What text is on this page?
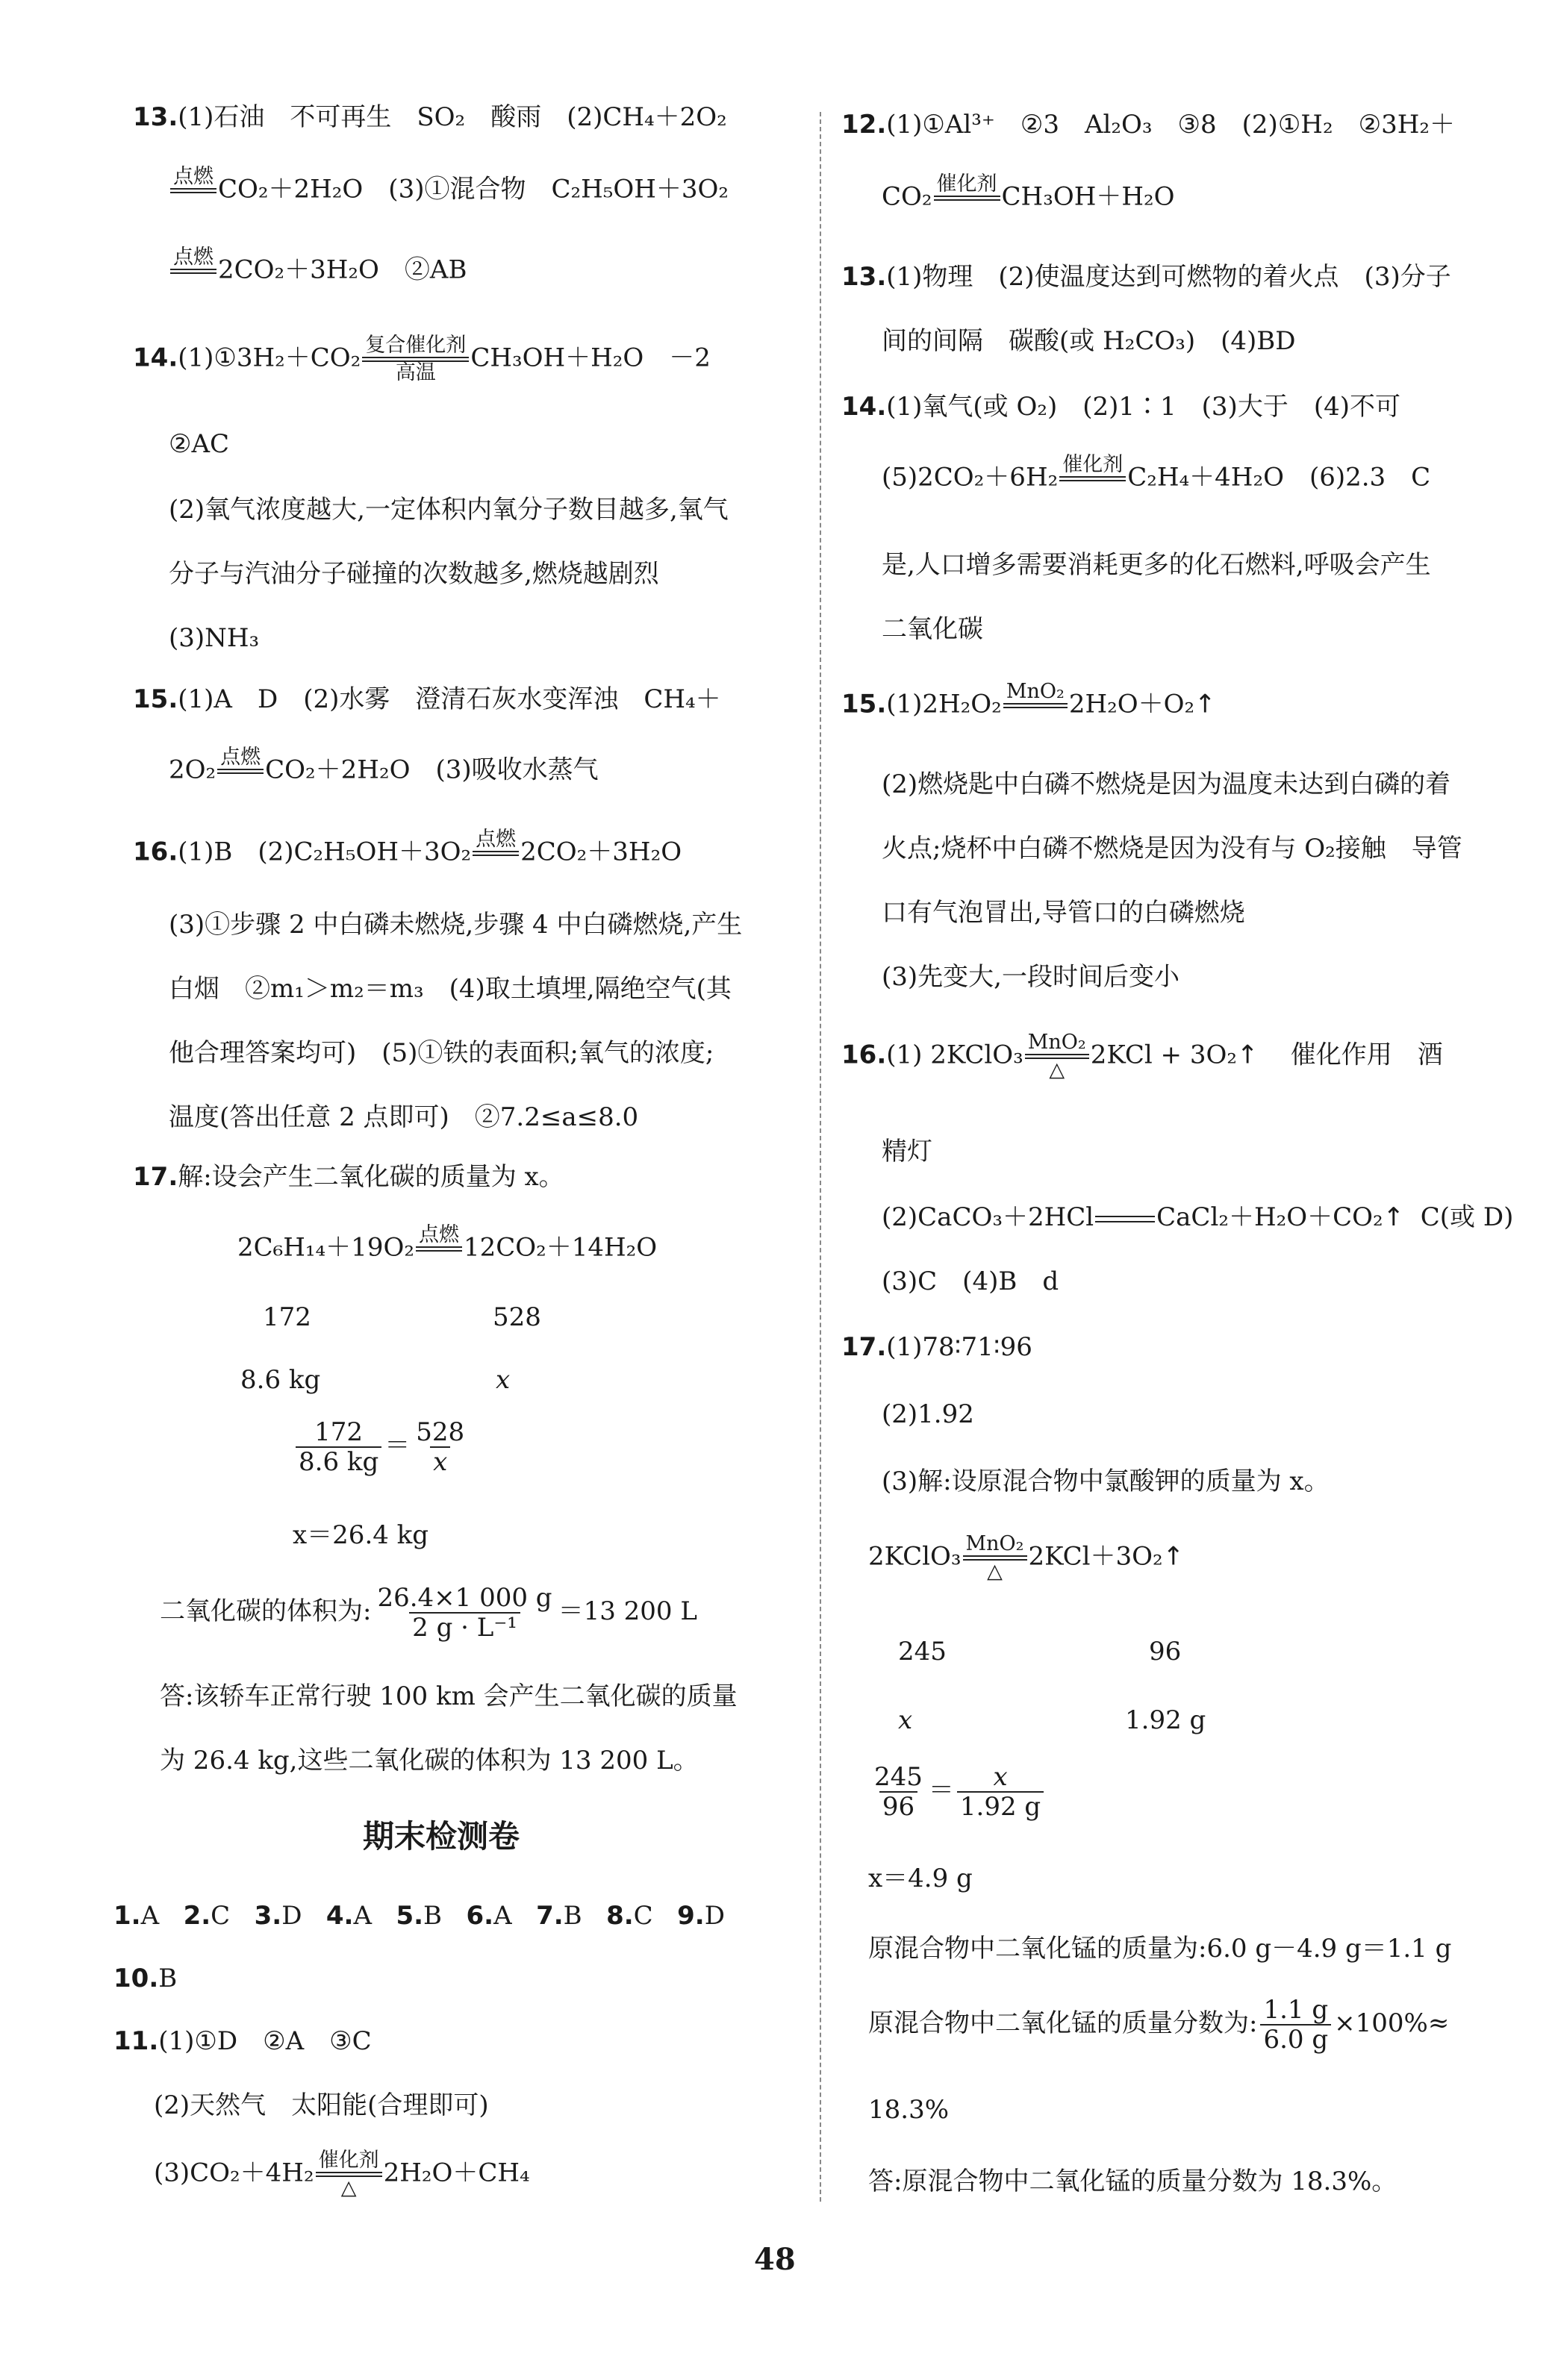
13.(1)石油　不可再生　SO₂　酸雨　(2)CH₄＋2O₂
点燃 CO₂＋2H₂O　(3)①混合物　C₂H₅OH＋3O₂
点燃 2CO₂＋3H₂O　②AB
14.(1)①3H₂＋CO₂ 复合催化剂
高温 CH₃OH＋H₂O　－2
②AC
(2)氧气浓度越大,一定体积内氧分子数目越多,氧气
分子与汽油分子碰撞的次数越多,燃烧越剧烈
(3)NH₃
15.(1)A　D　(2)水雾　澄清石灰水变浑浊　CH₄＋
2O₂ 点燃 CO₂＋2H₂O　(3)吸收水蒸气
16.(1)B　(2)C₂H₅OH＋3O₂ 点燃 2CO₂＋3H₂O
(3)①步骤 2 中白磷未燃烧,步骤 4 中白磷燃烧,产生
白烟　②m₁＞m₂＝m₃　(4)取土填埋,隔绝空气(其
他合理答案均可)　(5)①铁的表面积;氧气的浓度;
温度(答出任意 2 点即可)　②7.2≤a≤8.0
17.解:设会产生二氧化碳的质量为 x。
2C₆H₁₄＋19O₂ 点燃 12CO₂＋14H₂O
172	528
8.6 kg	x
$\frac{172}{8.6 kg} = \frac{528}{x}$
x＝26.4 kg
二氧化碳的体积为: $\frac{26.4\times 1 000 g}{\text{2 g · L⁻¹}} =13$ 200 L
答:该轿车正常行驶 100 km 会产生二氧化碳的质量
为 26.4 kg,这些二氧化碳的体积为 13 200 L。
期末检测卷
1.A 2.C 3.D 4.A 5.B 6.A 7.B 8.C 9.D
10.B
11.(1)①D　②A　③C
(2)天然气　太阳能(合理即可)
(3)CO₂＋4H₂ 催化剂
△ 2H₂O＋CH₄
12.(1)①Al³⁺　②3　Al₂O₃　③8　(2)①H₂　②3H₂＋
CO₂ 催化剂 CH₃OH＋H₂O
13.(1)物理　(2)使温度达到可燃物的着火点　(3)分子
间的间隔　碳酸(或 H₂CO₃)　(4)BD
14.(1)氧气(或 O₂)　(2)1∶1　(3)大于　(4)不可
(5)2CO₂＋6H₂ 催化剂 C₂H₄＋4H₂O　(6)2.3　C
是,人口增多需要消耗更多的化石燃料,呼吸会产生
二氧化碳
15.(1)2H₂O₂ MnO₂ 2H₂O＋O₂↑
(2)燃烧匙中白磷不燃烧是因为温度未达到白磷的着
火点;烧杯中白磷不燃烧是因为没有与 O₂接触　导管
口有气泡冒出,导管口的白磷燃烧
(3)先变大,一段时间后变小
16.(1) 2KClO₃ MnO₂
△ 2KCl + 3O₂↑ 催化作用　酒
精灯
(2)CaCO₃＋2HCl CaCl₂＋H₂O＋CO₂↑ C(或 D)
(3)C　(4)B　d
17.(1)78∶71∶96
(2)1.92
(3)解:设原混合物中氯酸钾的质量为 x。
2KClO₃ MnO₂
△ 2KCl＋3O₂↑
245	96
x	1.92 g
$\frac{245}{96} = \frac{x}{1.92 g}$
x＝4.9 g
原混合物中二氧化锰的质量为:6.0 g－4.9 g＝1.1 g
原混合物中二氧化锰的质量分数为: $\frac{1.1 g}{6.0 g} \times 100\%\approx$
18.3%
答:原混合物中二氧化锰的质量分数为 18.3%。
48
